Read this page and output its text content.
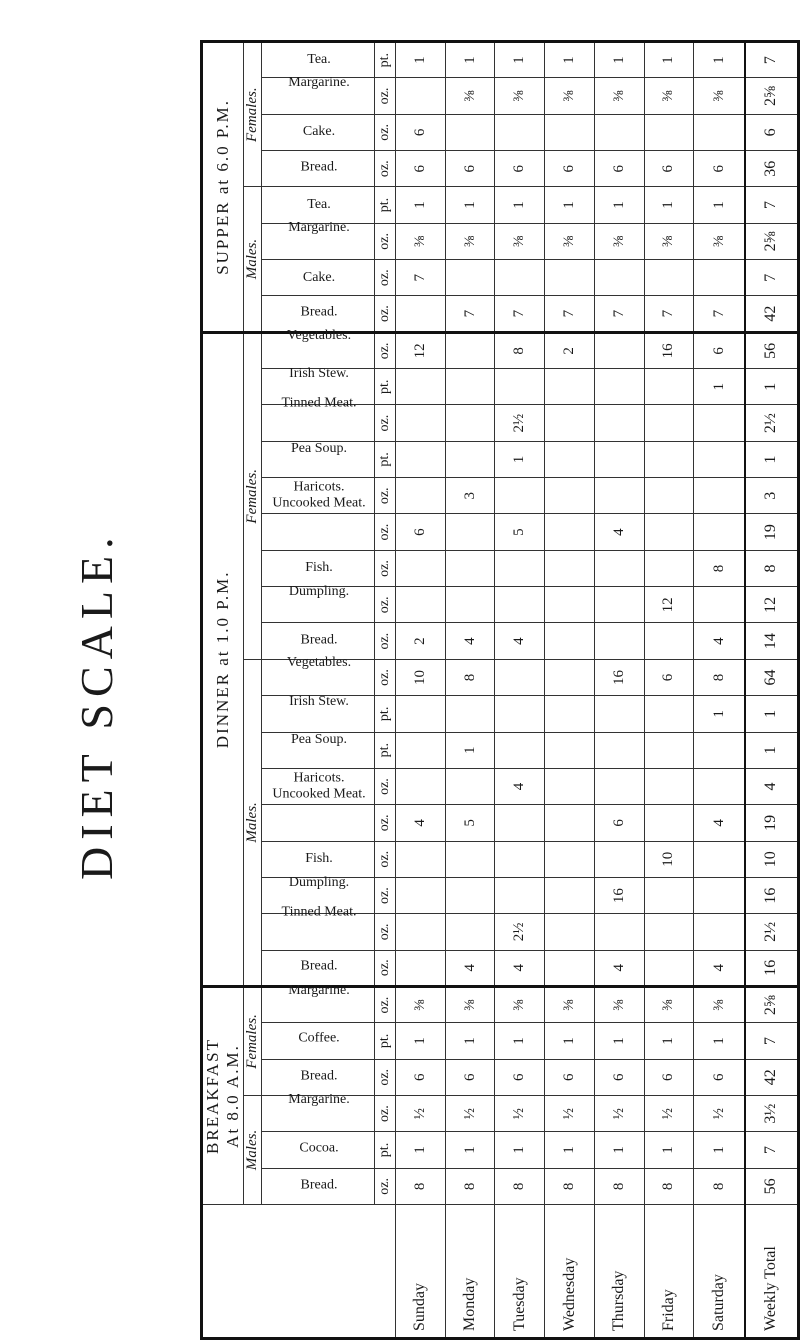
DIET SCALE.

	BREAKFAST At 8.0 A.M.						DINNER at 1.0 P.M.																		SUPPER at 6.0 P.M.							

	Males.			Females.			Males.									Females.									Males.				Females.			
	Bread.	Cocoa.	Margarine.	Bread.	Coffee.	Margarine.	Bread.	Tinned Meat.	Dumpling.	Fish.	Uncooked Meat.	Haricots.	Pea Soup.	Irish Stew.	Vegetables.	Bread.	Dumpling.	Fish.	Uncooked Meat.	Haricots.	Pea Soup.	Tinned Meat.	Irish Stew.	Vegetables.	Bread.	Cake.	Margarine.	Tea.	Bread.	Cake.	Margarine.	Tea.
	oz.	pt.	oz.	oz.	pt.	oz.	oz.	oz.	oz.	oz.	oz.	oz.	pt.	pt.	oz.	oz.	oz.	oz.	oz.	oz.	pt.	oz.	pt.	oz.	oz.	oz.	oz.	pt.	oz.	oz.	oz.	pt.
Sunday	8	1	½	6	1	⅜					4				10	2			6					12		7	⅜	1	6	6		1
Monday	8	1	½	6	1	⅜	4				5		1		8	4				3					7		⅜	1	6		⅜	1
Tuesday	8	1	½	6	1	⅜	4	2½				4				4			5		1	2½		8	7		⅜	1	6		⅜	1
Wednesday	8	1	½	6	1	⅜																		2	7		⅜	1	6		⅜	1
Thursday	8	1	½	6	1	⅜	4		16		6				16				4						7		⅜	1	6		⅜	1
Friday	8	1	½	6	1	⅜				10					6		12							16	7		⅜	1	6		⅜	1
Saturday	8	1	½	6	1	⅜	4				4			1	8	4		8					1	6	7		⅜	1	6		⅜	1
Weekly Total	56	7	3½	42	7	2⅝	16	2½	16	10	19	4	1	1	64	14	12	8	19	3	1	2½	1	56	42	7	2⅝	7	36	6	2⅝	7
